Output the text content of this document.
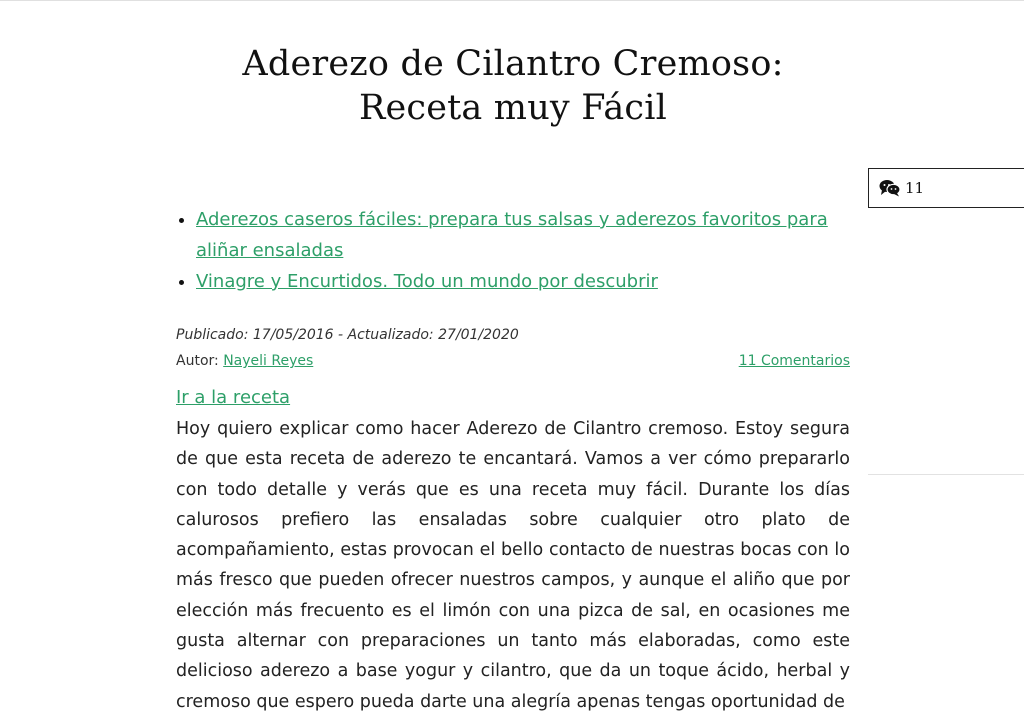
Aderezo de Cilantro Cremoso:
Receta muy Fácil
11
• Aderezos caseros fáciles: prepara tus salsas y aderezos favoritos para aliñar ensaladas
• Vinagre y Encurtidos. Todo un mundo por descubrir
Publicado: 17/05/2016 - Actualizado: 27/01/2020
Autor: Nayeli Reyes	11 Comentarios
Ir a la receta

Hoy quiero explicar como hacer Aderezo de Cilantro cremoso. Estoy segura de que esta receta de aderezo te encantará. Vamos a ver cómo prepararlo con todo detalle y verás que es una receta muy fácil. Durante los días calurosos prefiero las ensaladas sobre cualquier otro plato de acompañamiento, estas provocan el bello contacto de nuestras bocas con lo más fresco que pueden ofrecer nuestros campos, y aunque el aliño que por elección más frecuento es el limón con una pizca de sal, en ocasiones me gusta alternar con preparaciones un tanto más elaboradas, como este delicioso aderezo a base yogur y cilantro, que da un toque ácido, herbal y cremoso que espero pueda darte una alegría apenas tengas oportunidad de
